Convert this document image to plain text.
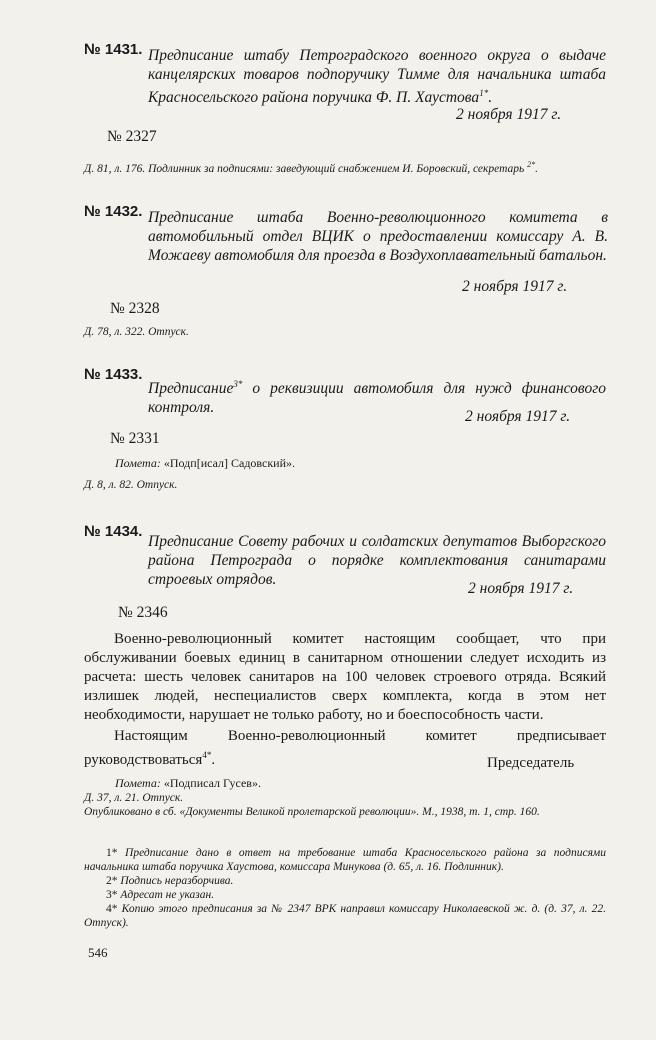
№ 1431. Предписание штабу Петроградского военного округа о выдаче канцелярских товаров подпоручику Тимме для начальника штаба Красносельского района поручика Ф. П. Хаустова$^{1*}$.
2 ноября 1917 г.
№ 2327
Д. 81, л. 176. Подлинник за подписями: заведующий снабжением И. Боровский, секретарь $^{2*}$.
№ 1432. Предписание штаба Военно-революционного комитета в автомобильный отдел ВЦИК о предоставлении комиссару А. В. Можаеву автомобиля для проезда в Воздухоплавательный батальон.
2 ноября 1917 г.
№ 2328
Д. 78, л. 322. Отпуск.
№ 1433.
Предписание$^{3*}$ о реквизиции автомобиля для нужд финансового контроля.
2 ноября 1917 г.
№ 2331
Помета: «Подп[исал] Садовский».
Д. 8, л. 82. Отпуск.
№ 1434.
Предписание Совету рабочих и солдатских депутатов Выборгского района Петрограда о порядке комплектования санитарами строевых отрядов.
2 ноября 1917 г.
№ 2346

Военно-революционный комитет настоящим сообщает, что при обслуживании боевых единиц в санитарном отношении следует исходить из расчета: шесть человек санитаров на 100 человек строевого отряда. Всякий излишек людей, неспециалистов сверх комплекта, когда в этом нет необходимости, нарушает не только работу, но и боеспособность части.

Настоящим Военно-революционный комитет предписывает руководствоваться$^{4*}$.	Председатель
Помета: «Подписал Гусев».
Д. 37, л. 21. Отпуск.
Опубликовано в сб. «Документы Великой пролетарской революции». М., 1938, т. 1, стр. 160.

1* Предписание дано в ответ на требование штаба Красносельского района за подписями начальника штаба поручика Хаустова, комиссара Минукова (д. 65, л. 16. Подлинник).

2* Подпись неразборчива.

3* Адресат не указан.

4* Копию этого предписания за № 2347 ВРК направил комиссару Николаевской ж. д. (д. 37, л. 22. Отпуск).

546
